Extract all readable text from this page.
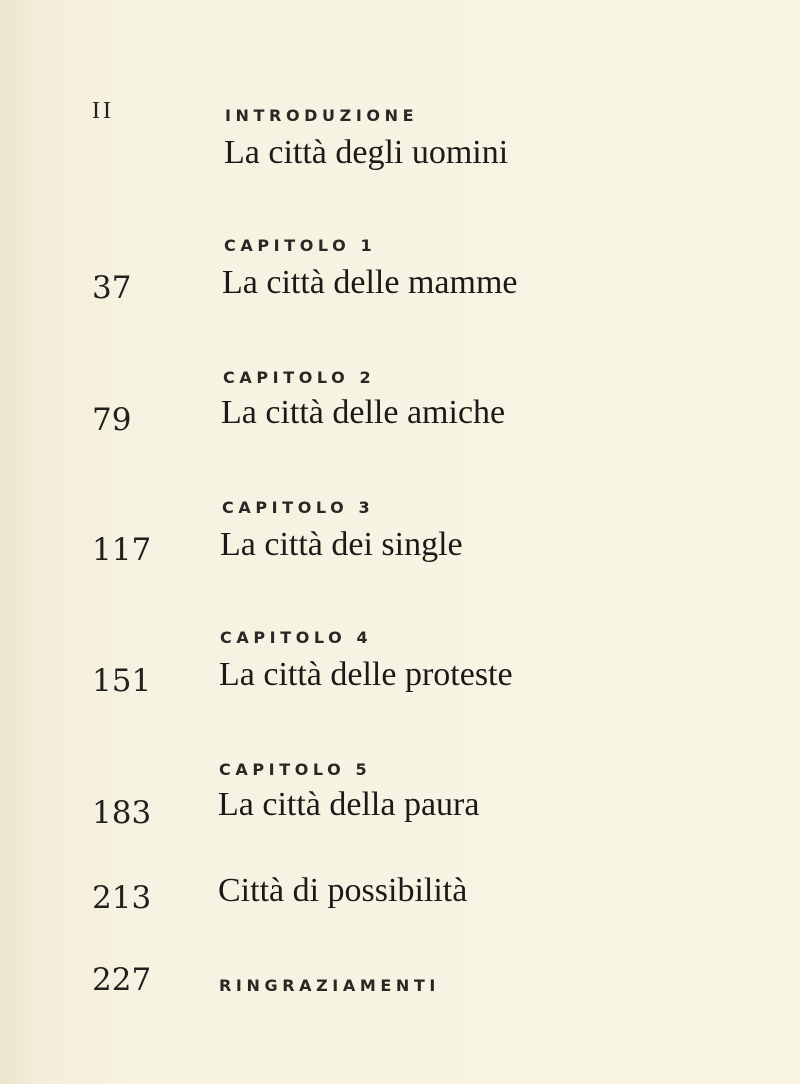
II	INTRODUZIONE
La città degli uomini
CAPITOLO 1
37	La città delle mamme
CAPITOLO 2
79	La città delle amiche
CAPITOLO 3
117 La città dei single
CAPITOLO 4
151 La città delle proteste
CAPITOLO 5
183 La città della paura
213 Città di possibilità
227	RINGRAZIAMENTI
